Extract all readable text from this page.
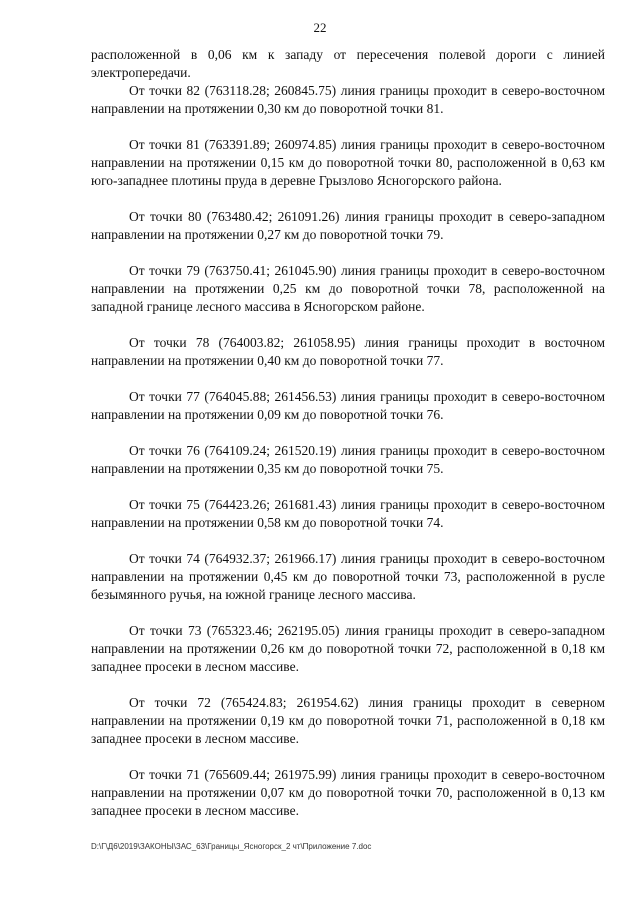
22

расположенной в 0,06 км к западу от пересечения полевой дороги с линией электропередачи.

От точки 82 (763118.28; 260845.75) линия границы проходит в северо-восточном направлении на протяжении 0,30 км до поворотной точки 81.

От точки 81 (763391.89; 260974.85) линия границы проходит в северо-восточном направлении на протяжении 0,15 км до поворотной точки 80, расположенной в 0,63 км юго-западнее плотины пруда в деревне Грызлово Ясногорского района.

От точки 80 (763480.42; 261091.26) линия границы проходит в северо-западном направлении на протяжении 0,27 км до поворотной точки 79.

От точки 79 (763750.41; 261045.90) линия границы проходит в северо-восточном направлении на протяжении 0,25 км до поворотной точки 78, расположенной на западной границе лесного массива в Ясногорском районе.

От точки 78 (764003.82; 261058.95) линия границы проходит в восточном направлении на протяжении 0,40 км до поворотной точки 77.

От точки 77 (764045.88; 261456.53) линия границы проходит в северо-восточном направлении на протяжении 0,09 км до поворотной точки 76.

От точки 76 (764109.24; 261520.19) линия границы проходит в северо-восточном направлении на протяжении 0,35 км до поворотной точки 75.

От точки 75 (764423.26; 261681.43) линия границы проходит в северо-восточном направлении на протяжении 0,58 км до поворотной точки 74.

От точки 74 (764932.37; 261966.17) линия границы проходит в северо-восточном направлении на протяжении 0,45 км до поворотной точки 73, расположенной в русле безымянного ручья, на южной границе лесного массива.

От точки 73 (765323.46; 262195.05) линия границы проходит в северо-западном направлении на протяжении 0,26 км до поворотной точки 72, расположенной в 0,18 км западнее просеки в лесном массиве.

От точки 72 (765424.83; 261954.62) линия границы проходит в северном направлении на протяжении 0,19 км до поворотной точки 71, расположенной в 0,18 км западнее просеки в лесном массиве.

От точки 71 (765609.44; 261975.99) линия границы проходит в северо-восточном направлении на протяжении 0,07 км до поворотной точки 70, расположенной в 0,13 км западнее просеки в лесном массиве.

D:\Г\Д6\2019\ЗАКОНЫ\ЗАС_63\Границы_Ясногорск_2 чт\Приложение 7.doc
